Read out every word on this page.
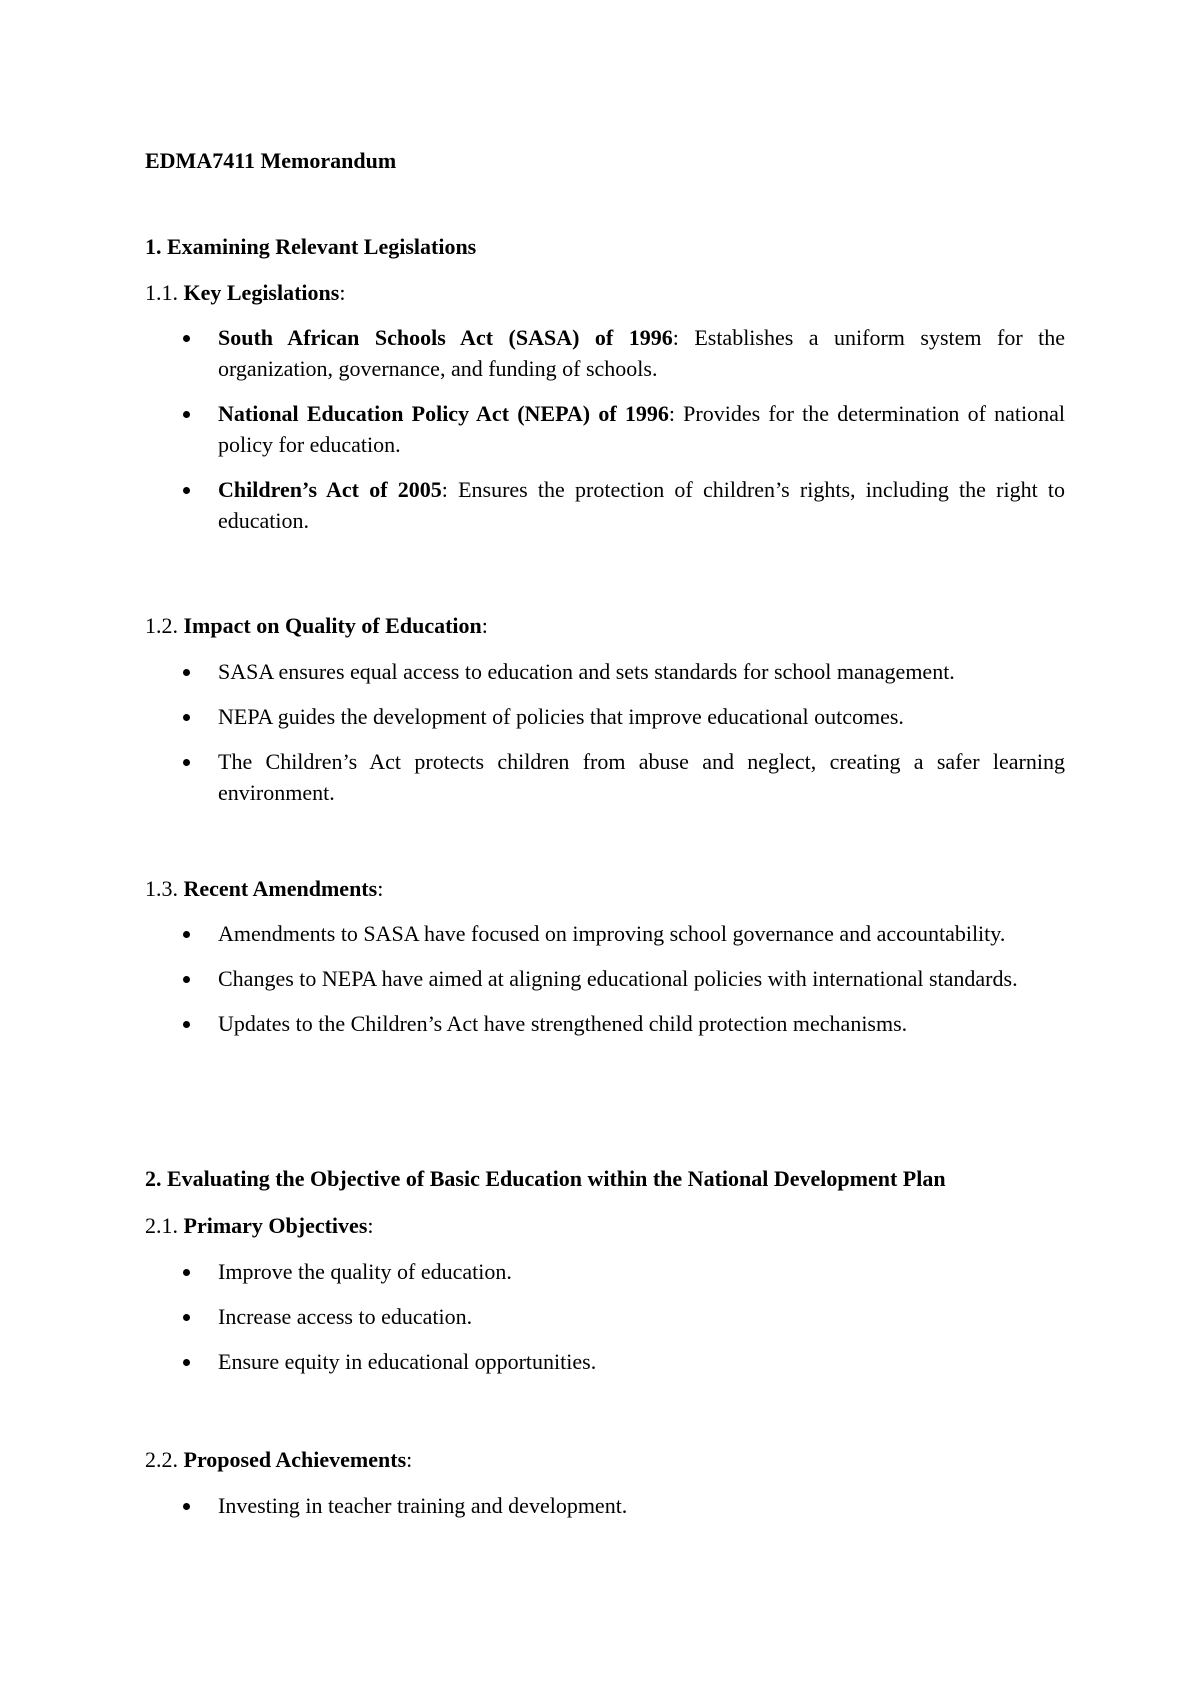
EDMA7411 Memorandum

1. Examining Relevant Legislations

1.1. Key Legislations:

South African Schools Act (SASA) of 1996: Establishes a uniform system for the organization, governance, and funding of schools.
National Education Policy Act (NEPA) of 1996: Provides for the determination of national policy for education.
Children’s Act of 2005: Ensures the protection of children’s rights, including the right to education.

1.2. Impact on Quality of Education:

SASA ensures equal access to education and sets standards for school management.
NEPA guides the development of policies that improve educational outcomes.
The Children’s Act protects children from abuse and neglect, creating a safer learning environment.

1.3. Recent Amendments:

Amendments to SASA have focused on improving school governance and accountability.
Changes to NEPA have aimed at aligning educational policies with international standards.
Updates to the Children’s Act have strengthened child protection mechanisms.

2. Evaluating the Objective of Basic Education within the National Development Plan

2.1. Primary Objectives:

Improve the quality of education.
Increase access to education.
Ensure equity in educational opportunities.

2.2. Proposed Achievements:

Investing in teacher training and development.
